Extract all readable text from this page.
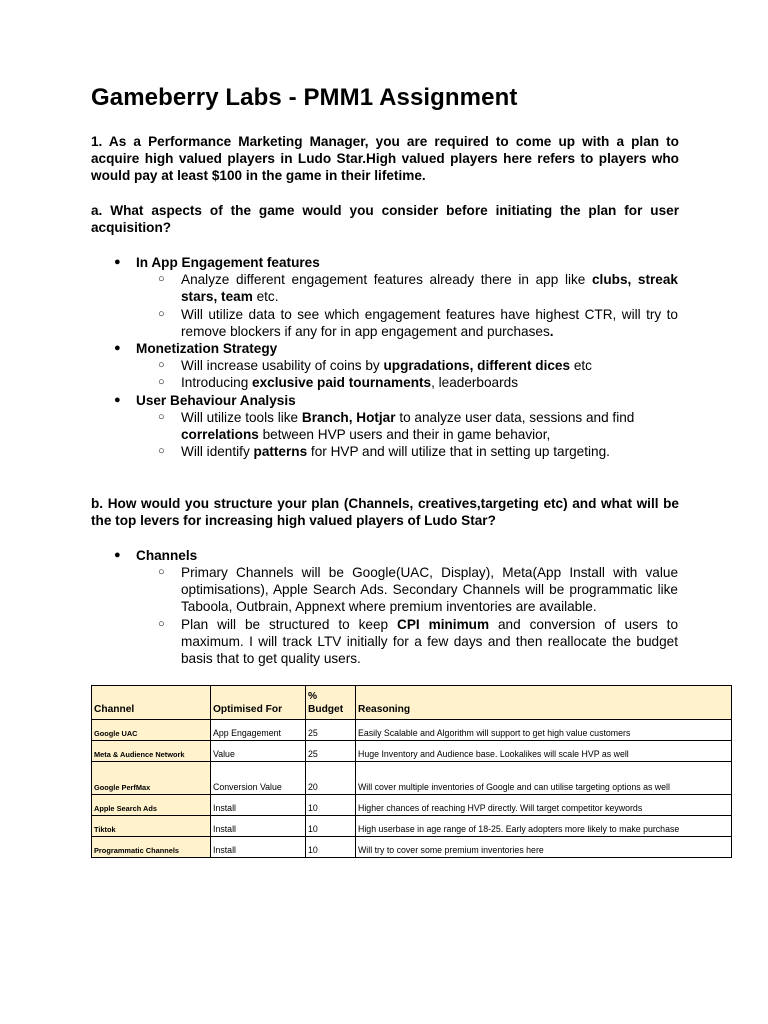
Gameberry Labs - PMM1 Assignment

1. As a Performance Marketing Manager, you are required to come up with a plan to acquire high valued players in Ludo Star.High valued players here refers to players who would pay at least $100 in the game in their lifetime.

a. What aspects of the game would you consider before initiating the plan for user acquisition?

● In App Engagement features
○ Analyze different engagement features already there in app like clubs, streak stars, team etc.
○ Will utilize data to see which engagement features have highest CTR, will try to remove blockers if any for in app engagement and purchases.
● Monetization Strategy
○ Will increase usability of coins by upgradations, different dices etc
○ Introducing exclusive paid tournaments, leaderboards
● User Behaviour Analysis
○ Will utilize tools like Branch, Hotjar to analyze user data, sessions and find
correlations between HVP users and their in game behavior,
○ Will identify patterns for HVP and will utilize that in setting up targeting.

b. How would you structure your plan (Channels, creatives,targeting etc) and what will be the top levers for increasing high valued players of Ludo Star?

● Channels
○ Primary Channels will be Google(UAC, Display), Meta(App Install with value optimisations), Apple Search Ads. Secondary Channels will be programmatic like Taboola, Outbrain, Appnext where premium inventories are available.
○ Plan will be structured to keep CPI minimum and conversion of users to maximum. I will track LTV initially for a few days and then reallocate the budget basis that to get quality users.
Channel	Optimised For	% Budget	Reasoning
Google UAC	App Engagement	25	Easily Scalable and Algorithm will support to get high value customers
Meta & Audience Network	Value	25	Huge Inventory and Audience base. Lookalikes will scale HVP as well
Google PerfMax	Conversion Value	20	Will cover multiple inventories of Google and can utilise targeting options as well
Apple Search Ads	Install	10	Higher chances of reaching HVP directly. Will target competitor keywords
Tiktok	Install	10	High userbase in age range of 18-25. Early adopters more likely to make purchase
Programmatic Channels	Install	10	Will try to cover some premium inventories here
